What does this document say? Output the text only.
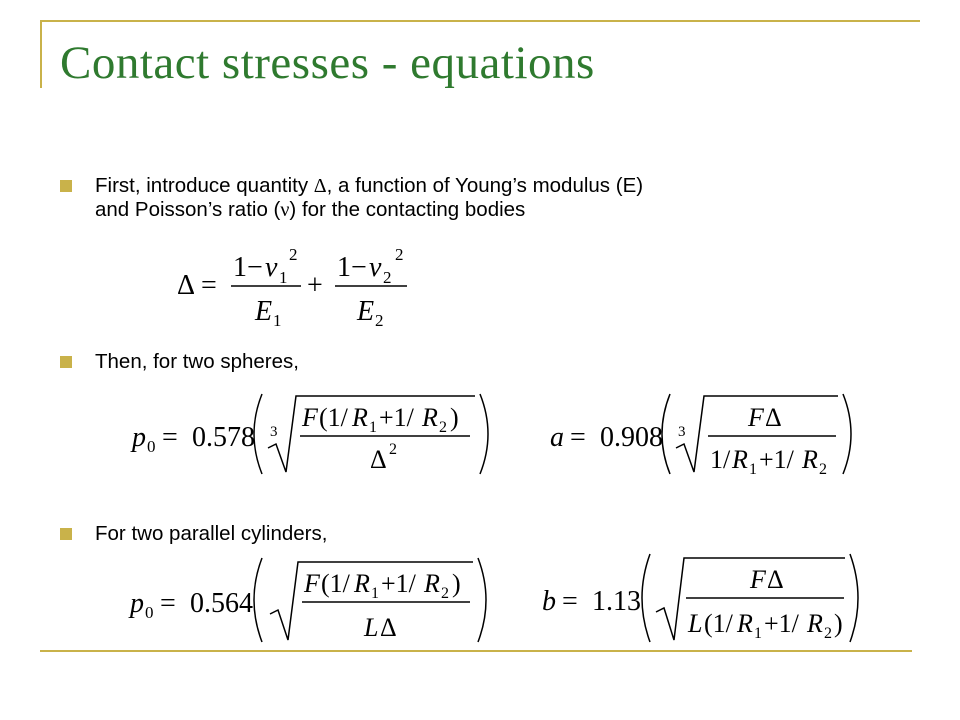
Contact stresses - equations
First, introduce quantity Δ, a function of Young’s modulus (E)
and Poisson’s ratio (ν) for the contacting bodies
Δ =
1 − ν 1
2
E 1
+
1 − ν 2
2
E 2
Then, for two spheres,
p 0 = 0.578 3 F (1/ R 1 +1/ R 2 )
Δ 2	a = 0.908 3 F Δ
1/ R 1 +1/ R 2
For two parallel cylinders,
p 0 = 0.564
F (1/ R 1 +1/ R 2 )
L Δ
b = 1.13
F Δ
L (1/ R 1 +1/ R 2 )
